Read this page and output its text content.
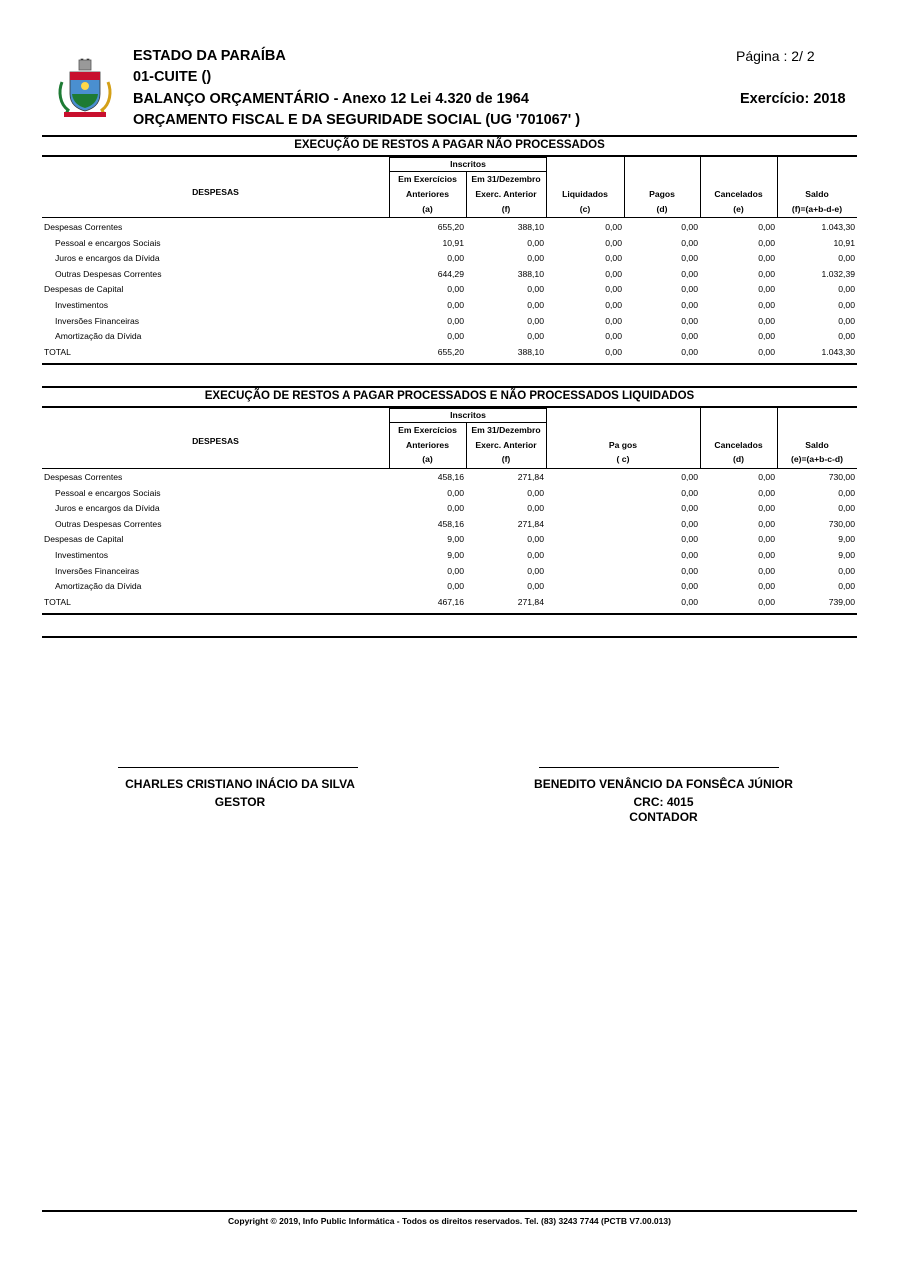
ESTADO DA PARAÍBA
01-CUITE ()
BALANÇO ORÇAMENTÁRIO - Anexo 12 Lei 4.320 de 1964
ORÇAMENTO FISCAL E DA SEGURIDADE SOCIAL (UG '701067' )
Página : 2/ 2
Exercício: 2018
EXECUÇÃO DE RESTOS A PAGAR NÃO PROCESSADOS
Inscritos
DESPESAS
Em Exercícios
Anteriores
(a)
Em 31/Dezembro
Exerc. Anterior
(f)
Liquidados
(c)
Pagos
(d)
Cancelados
(e)
Saldo
(f)=(a+b-d-e)
Despesas Correntes	655,20	388,10	0,00	0,00	0,00	1.043,30
Pessoal e encargos Sociais	10,91	0,00	0,00	0,00	0,00	10,91
Juros e encargos da Dívida	0,00	0,00	0,00	0,00	0,00	0,00
Outras Despesas Correntes	644,29	388,10	0,00	0,00	0,00	1.032,39
Despesas de Capital	0,00	0,00	0,00	0,00	0,00	0,00
Investimentos	0,00	0,00	0,00	0,00	0,00	0,00
Inversões Financeiras	0,00	0,00	0,00	0,00	0,00	0,00
Amortização da Dívida	0,00	0,00	0,00	0,00	0,00	0,00
TOTAL	655,20	388,10	0,00	0,00	0,00	1.043,30
EXECUÇÃO DE RESTOS A PAGAR PROCESSADOS E NÃO PROCESSADOS LIQUIDADOS
Inscritos
DESPESAS
Em Exercícios
Anteriores
(a)
Em 31/Dezembro
Exerc. Anterior
(f)
Pa gos
( c)
Cancelados
(d)
Saldo
(e)=(a+b-c-d)
Despesas Correntes	458,16	271,84	0,00	0,00	730,00
Pessoal e encargos Sociais	0,00	0,00	0,00	0,00	0,00
Juros e encargos da Dívida	0,00	0,00	0,00	0,00	0,00
Outras Despesas Correntes	458,16	271,84	0,00	0,00	730,00
Despesas de Capital	9,00	0,00	0,00	0,00	9,00
Investimentos	9,00	0,00	0,00	0,00	9,00
Inversões Financeiras	0,00	0,00	0,00	0,00	0,00
Amortização da Dívida	0,00	0,00	0,00	0,00	0,00
TOTAL	467,16	271,84	0,00	0,00	739,00
CHARLES CRISTIANO INÁCIO DA SILVA
GESTOR
BENEDITO VENÂNCIO DA FONSÊCA JÚNIOR
CRC: 4015
CONTADOR
Copyright © 2019, Info Public Informática - Todos os direitos reservados. Tel. (83) 3243 7744 (PCTB V7.00.013)
